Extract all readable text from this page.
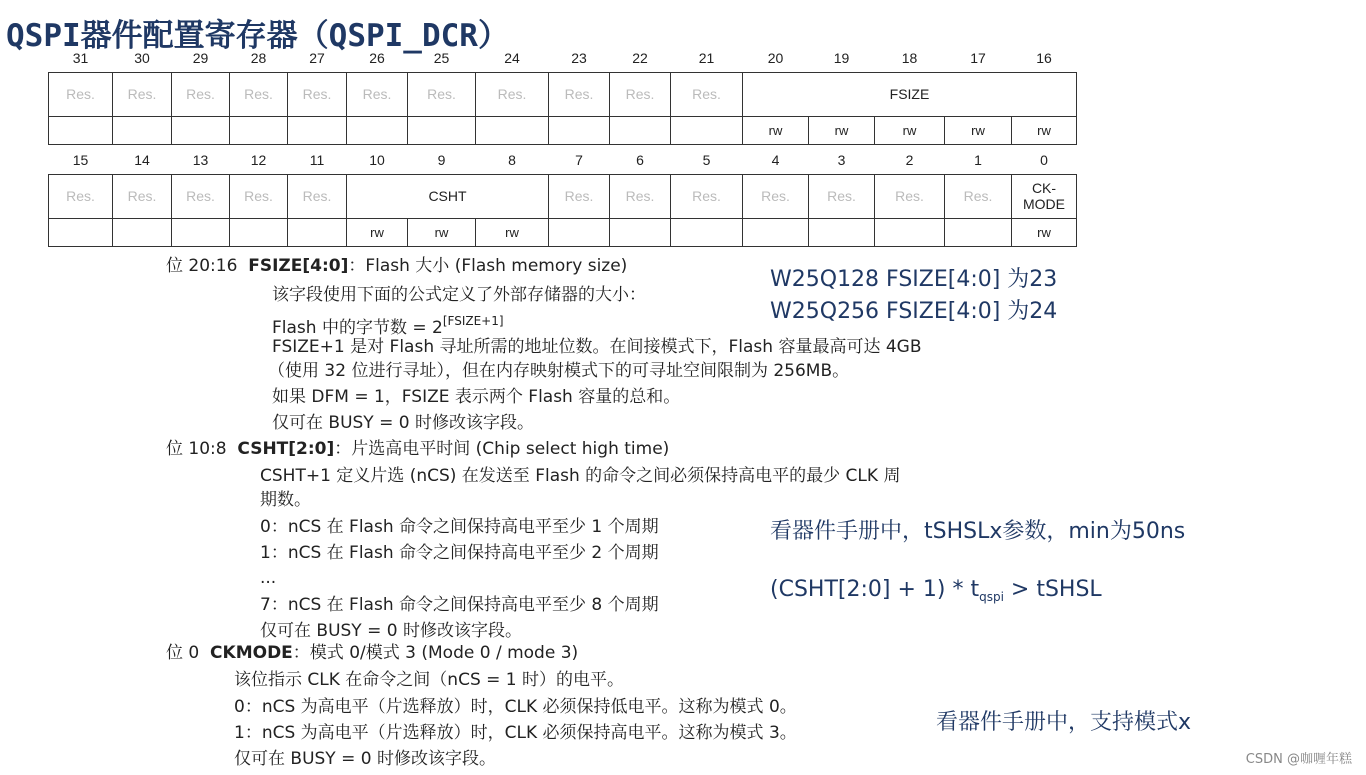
QSPI器件配置寄存器（QSPI_DCR）
31	30	29	28	27	26	25	24	23	22	21	20	19	18	17	16
Res.	Res.	Res.	Res.	Res.	Res.	Res.	Res.	Res.	Res.	Res.	FSIZE				
											rw	rw	rw	rw	rw
15	14	13	12	11	10	9	8	7	6	5	4	3	2	1	0
Res.	Res.	Res.	Res.	Res.	CSHT			Res.	Res.	Res.	Res.	Res.	Res.	Res.	CK-
MODE
					rw	rw	rw								rw
位 20:16 FSIZE[4:0]：Flash 大小 (Flash memory size)
该字段使用下面的公式定义了外部存储器的大小：
Flash 中的字节数 = 2[FSIZE+1]
FSIZE+1 是对 Flash 寻址所需的地址位数。在间接模式下，Flash 容量最高可达 4GB
（使用 32 位进行寻址），但在内存映射模式下的可寻址空间限制为 256MB。
如果 DFM = 1，FSIZE 表示两个 Flash 容量的总和。
仅可在 BUSY = 0 时修改该字段。
位 10:8 CSHT[2:0]：片选高电平时间 (Chip select high time)
CSHT+1 定义片选 (nCS) 在发送至 Flash 的命令之间必须保持高电平的最少 CLK 周
期数。
0：nCS 在 Flash 命令之间保持高电平至少 1 个周期
1：nCS 在 Flash 命令之间保持高电平至少 2 个周期
...
7：nCS 在 Flash 命令之间保持高电平至少 8 个周期
仅可在 BUSY = 0 时修改该字段。
位 0 CKMODE：模式 0/模式 3 (Mode 0 / mode 3)
该位指示 CLK 在命令之间（nCS = 1 时）的电平。
0：nCS 为高电平（片选释放）时，CLK 必须保持低电平。这称为模式 0。
1：nCS 为高电平（片选释放）时，CLK 必须保持高电平。这称为模式 3。
仅可在 BUSY = 0 时修改该字段。
W25Q128 FSIZE[4:0] 为23
W25Q256 FSIZE[4:0] 为24
看器件手册中，tSHSLx参数，min为50ns
(CSHT[2:0] + $1) * t_{qspi}$ > tSHSL
看器件手册中，支持模式x
CSDN @咖喱年糕
